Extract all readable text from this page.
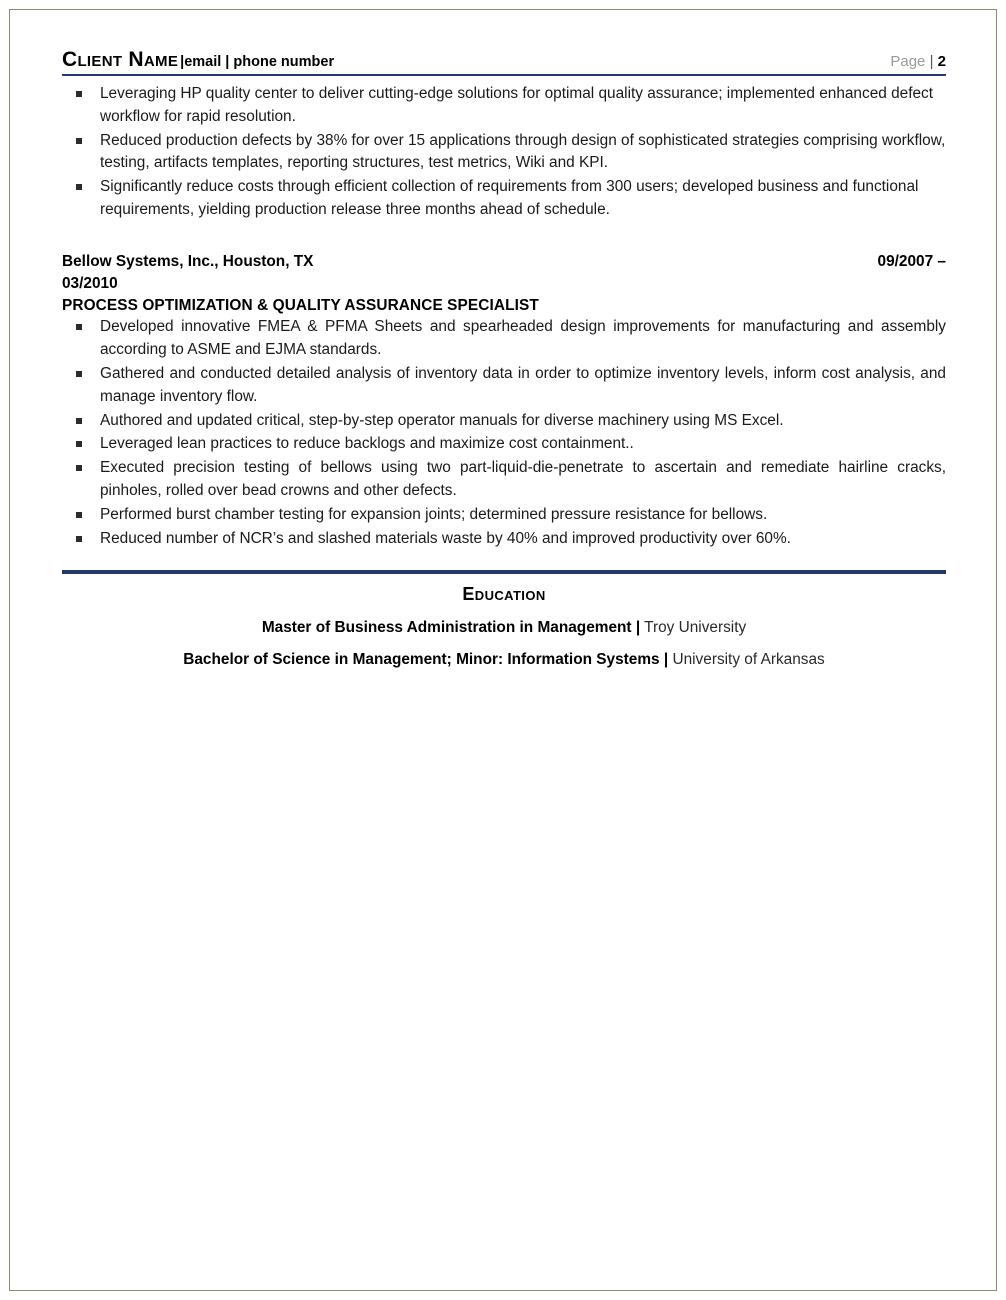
Client Name |email | phone number	Page | 2
Leveraging HP quality center to deliver cutting-edge solutions for optimal quality assurance; implemented enhanced defect workflow for rapid resolution.
Reduced production defects by 38% for over 15 applications through design of sophisticated strategies comprising workflow, testing, artifacts templates, reporting structures, test metrics, Wiki and KPI.
Significantly reduce costs through efficient collection of requirements from 300 users; developed business and functional requirements, yielding production release three months ahead of schedule.
Bellow Systems, Inc., Houston, TX	09/2007 –
03/2010
PROCESS OPTIMIZATION & QUALITY ASSURANCE SPECIALIST
Developed innovative FMEA & PFMA Sheets and spearheaded design improvements for manufacturing and assembly according to ASME and EJMA standards.
Gathered and conducted detailed analysis of inventory data in order to optimize inventory levels, inform cost analysis, and manage inventory flow.
Authored and updated critical, step-by-step operator manuals for diverse machinery using MS Excel.
Leveraged lean practices to reduce backlogs and maximize cost containment..
Executed precision testing of bellows using two part-liquid-die-penetrate to ascertain and remediate hairline cracks, pinholes, rolled over bead crowns and other defects.
Performed burst chamber testing for expansion joints; determined pressure resistance for bellows.
Reduced number of NCR’s and slashed materials waste by 40% and improved productivity over 60%.
Education
Master of Business Administration in Management | Troy University
Bachelor of Science in Management; Minor: Information Systems | University of Arkansas
